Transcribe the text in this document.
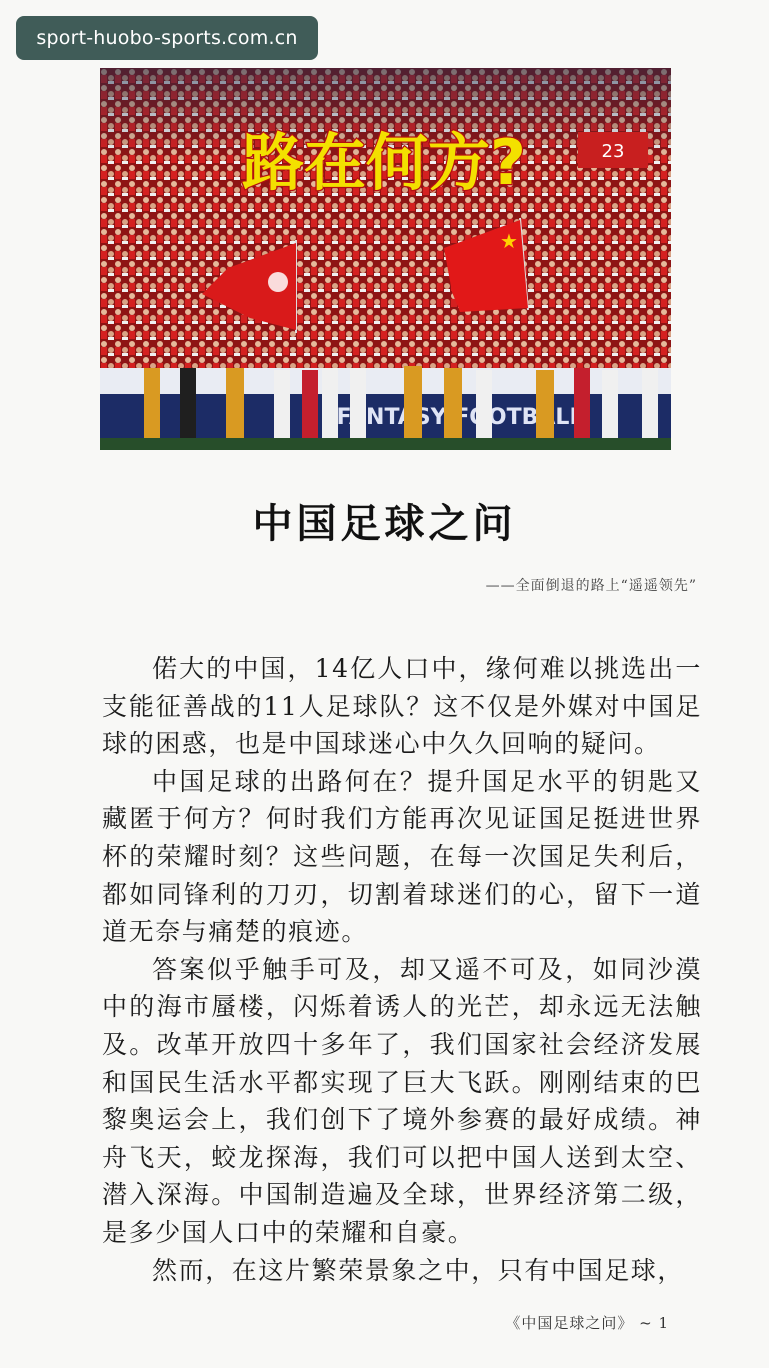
sport-huobo-sports.com.cn
23
★
FANTASY FOOTBALL
路在何方?
中国足球之问
——全面倒退的路上“遥遥领先”

偌大的中国，14亿人口中，缘何难以挑选出一支能征善战的11人足球队？这不仅是外媒对中国足球的困惑，也是中国球迷心中久久回响的疑问。

中国足球的出路何在？提升国足水平的钥匙又藏匿于何方？何时我们方能再次见证国足挺进世界杯的荣耀时刻？这些问题，在每一次国足失利后，都如同锋利的刀刃，切割着球迷们的心，留下一道道无奈与痛楚的痕迹。

答案似乎触手可及，却又遥不可及，如同沙漠中的海市蜃楼，闪烁着诱人的光芒，却永远无法触及。改革开放四十多年了，我们国家社会经济发展和国民生活水平都实现了巨大飞跃。刚刚结束的巴黎奥运会上，我们创下了境外参赛的最好成绩。神舟飞天，蛟龙探海，我们可以把中国人送到太空、潜入深海。中国制造遍及全球，世界经济第二级，是多少国人口中的荣耀和自豪。

然而，在这片繁荣景象之中，只有中国足球，

《中国足球之问》 ~ 1
